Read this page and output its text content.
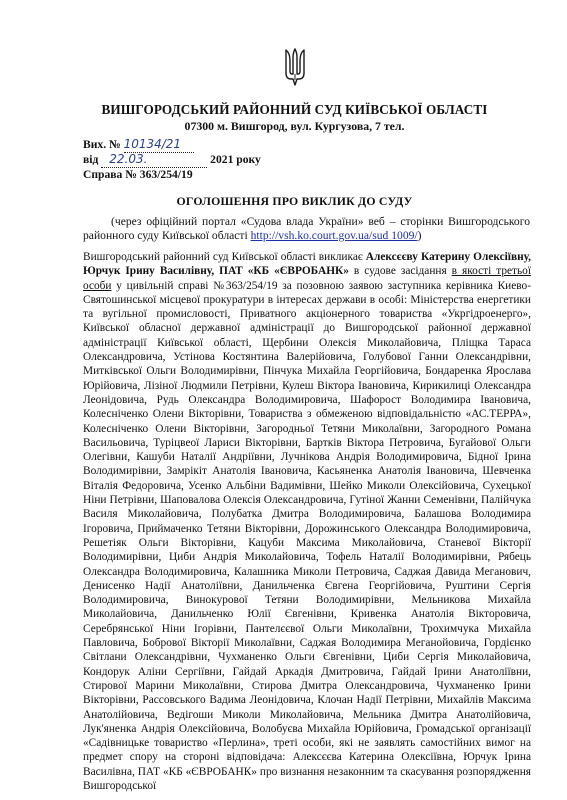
ВИШГОРОДСЬКИЙ РАЙОННИЙ СУД КИЇВСЬКОЇ ОБЛАСТІ
07300 м. Вишгород, вул. Кургузова, 7 тел.
Вих. № 10134/21
від 22.03.	2021 року
Справа № 363/254/19
ОГОЛОШЕННЯ ПРО ВИКЛИК ДО СУДУ
(через офіційний портал «Судова влада України» веб – сторінки Вишгородського районного суду Київської області http://vsh.ko.court.gov.ua/sud 1009/)
Вишгородський районний суд Київської області викликає Алексєєву Катерину Олексіївну, Юрчук Ірину Василівну, ПАТ «КБ «ЄВРОБАНК» в судове засідання в якості третьої особи у цивільній справі №363/254/19 за позовною заявою заступника керівника Киево-Святошинської місцевої прокуратури в інтересах держави в особі: Міністерства енергетики та вугільної промисловості, Приватного акціонерного товариства «Укргідроенерго», Київської обласної державної адміністрації до Вишгородської районної державної адміністрації Київської області, Щербини Олексія Миколайовича, Пліщка Тараса Олександровича, Устінова Костянтина Валерійовича, Голубової Ганни Олександрівни, Митківської Ольги Володимирівни, Пінчука Михайла Георгійовича, Бондаренка Ярослава Юрійовича, Лізіної Людмили Петрівни, Кулеш Віктора Івановича, Кирикилиці Олександра Леонідовича, Рудь Олександра Володимировича, Шафорост Володимира Івановича, Колесніченко Олени Вікторівни, Товариства з обмеженою відповідальністю «АС.ТЕРРА», Колесніченко Олени Вікторівни, Загородньої Тетяни Миколаївни, Загородного Романа Васильовича, Туріцвеої Лариси Вікторівни, Бартків Віктора Петровича, Бугайової Ольги Олегівни, Кашуби Наталії Андріївни, Лучнікова Андрія Володимировича, Бідної Ірина Володимирівни, Замрікіт Анатолія Івановича, Касьяненка Анатолія Івановича, Шевченка Віталія Федоровича, Усенко Альбіни Вадимівни, Шейко Миколи Олексійовича, Сухецької Ніни Петрівни, Шаповалова Олексія Олександровича, Гутіної Жанни Семенівни, Палійчука Василя Миколайовича, Полубатка Дмитра Володимировича, Балашова Володимира Ігоровича, Приймаченко Тетяни Вікторівни, Дорожинського Олександра Володимировича, Решетіяк Ольги Вікторівни, Кацуби Максима Миколайовича, Станевої Вікторії Володимирівни, Циби Андрія Миколайовича, Тофель Наталії Володимирівни, Рябець Олександра Володимировича, Калашника Миколи Петровича, Саджая Давида Меганович, Денисенко Надії Анатоліївни, Данильченка Євгена Георгійовича, Руштини Сергія Володимировича, Винокурової Тетяни Володимирівни, Мельникова Михайла Миколайовича, Данильченко Юлії Євгенівни, Кривенка Анатолія Вікторовича, Серебрянської Ніни Ігорівни, Пантелєєвої Ольги Миколаївни, Трохимчука Михайла Павловича, Бобрової Вікторії Миколаївни, Саджая Володимира Меганойовича, Гордієнко Світлани Олександрівни, Чухманенко Ольги Євгенівни, Циби Сергія Миколайовича, Кондорук Аліни Сергіївни, Гайдай Аркадія Дмитровича, Гайдай Ірини Анатоліївни, Стирової Марини Миколаївни, Стирова Дмитра Олександровича, Чухманенко Ірини Вікторівни, Рассовського Вадима Леонідовича, Клочан Надії Петрівни, Михайлів Максима Анатолійовича, Ведігоши Миколи Миколайовича, Мельника Дмитра Анатолійовича, Лук'яненка Андрія Олексійовича, Волобуєва Михайла Юрійовича, Громадської організації «Садівницьке товариство «Перлина», треті особи, які не заявлять самостійних вимог на предмет спору на стороні відповідача: Алексєєва Катерина Олексіївна, Юрчук Ірина Василівна, ПАТ «КБ «ЄВРОБАНК» про визнання незаконним та скасування розпорядження Вишгородської
